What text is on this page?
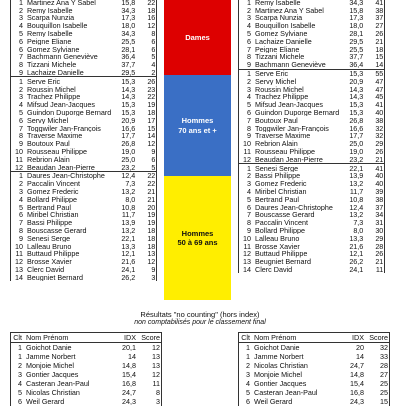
1	Martinez Ana Y Sabel	15,8	22
2	Remy Isabelle	34,3	18
3	Scarpa Nunzia	17,3	16
4	Bouquillon Isabelle	18,0	12
5	Remy Isabelle	34,3	8
6	Peigne Eliane	25,5	6
6	Gomez Sylviane	28,1	6
7	Bachmann Geneviève	36,4	5
8	Tizzani Michele	37,7	4
9	Lachaize Danielle	29,5	2
1	Serve Eric	15,3	26
2	Roussin Michel	14,3	23
3	Trachez Philippe	14,3	22
4	Mifsud Jean-Jacques	15,3	19
5	Guindon Duporge Bernard	15,3	18
6	Servy Michel	20,9	17
7	Toggwiler Jan-François	16,6	15
8	Traverse Maxime	17,7	14
9	Boutoux Paul	26,8	12
10	Rousseau Philippe	19,0	9
11	Rebrion Alain	25,0	6
12	Beaudan Jean-Pierre	23,2	5
1	Daures Jean-Christophe	12,4	22
2	Paccalin Vincent	7,3	22
3	Gomez Frederic	13,2	21
4	Bollard Philippe	8,0	21
5	Bertrand Paul	10,8	20
6	Miribel Christian	11,7	19
7	Bassi Philippe	13,9	19
8	Bouscasse Gerard	13,2	18
9	Senesi Serge	22,1	18
10	Lalleau Bruno	13,3	18
11	Buttaud Philippe	12,1	13
12	Brosse Xavier	21,6	12
13	Clerc David	24,1	9
14	Beugniet Bernard	26,2	3
1	Remy Isabelle	34,3	41
2	Martinez Ana Y Sabel	15,8	38
3	Scarpa Nunzia	17,3	37
4	Bouquillon Isabelle	18,0	27
5	Gomez Sylviane	28,1	26
6	Lachaize Danielle	29,5	21
7	Peigne Eliane	25,5	18
8	Tizzani Michele	37,7	15
9	Bachmann Geneviève	36,4	14
1	Serve Eric	15,3	55
2	Servy Michel	20,9	47
3	Roussin Michel	14,3	47
4	Trachez Philippe	14,3	45
5	Mifsud Jean-Jacques	15,3	41
6	Guindon Duporge Bernard	15,3	40
7	Boutoux Paul	26,8	38
8	Toggwiler Jan-François	16,6	32
9	Traverse Maxime	17,7	32
10	Rebrion Alain	25,0	29
11	Rousseau Philippe	19,0	26
12	Beaudan Jean-Pierre	23,2	21
1	Senesi Serge	22,1	41
2	Bassi Philippe	13,9	40
3	Gomez Frederic	13,2	40
4	Miribel Christian	11,7	39
5	Bertrand Paul	10,8	38
6	Daures Jean-Christophe	12,4	37
7	Bouscasse Gerard	13,2	34
8	Paccalin Vincent	7,3	31
9	Bollard Philippe	8,0	30
10	Lalleau Bruno	13,3	29
11	Brosse Xavier	21,6	28
12	Buttaud Philippe	12,1	26
13	Beugniet Bernard	26,2	21
14	Clerc David	24,1	11
Dames
Hommes
70 ans et +
Hommes
50 à 69 ans
Résultats "no counting" (hors index)
non comptabilisés pour le classement final
Clt	Nom Prénom	IDX	Score
1	Goichot Danie	20,1	12
1	Jamme Norbert	14	13
2	Monjoie Michel	14,8	13
3	Gontier Jacques	15,4	12
4	Casteran Jean-Paul	16,8	11
5	Nicolas Christian	24,7	8
6	Weil Gerard	24,3	3
Clt	Nom Prénom	IDX	Score
1	Goichot Danie	20	32
1	Jamme Norbert	14	33
2	Nicolas Christian	24,7	28
3	Monjoie Michel	14,8	27
4	Gontier Jacques	15,4	25
5	Casteran Jean-Paul	16,8	25
6	Weil Gerard	24,3	15
